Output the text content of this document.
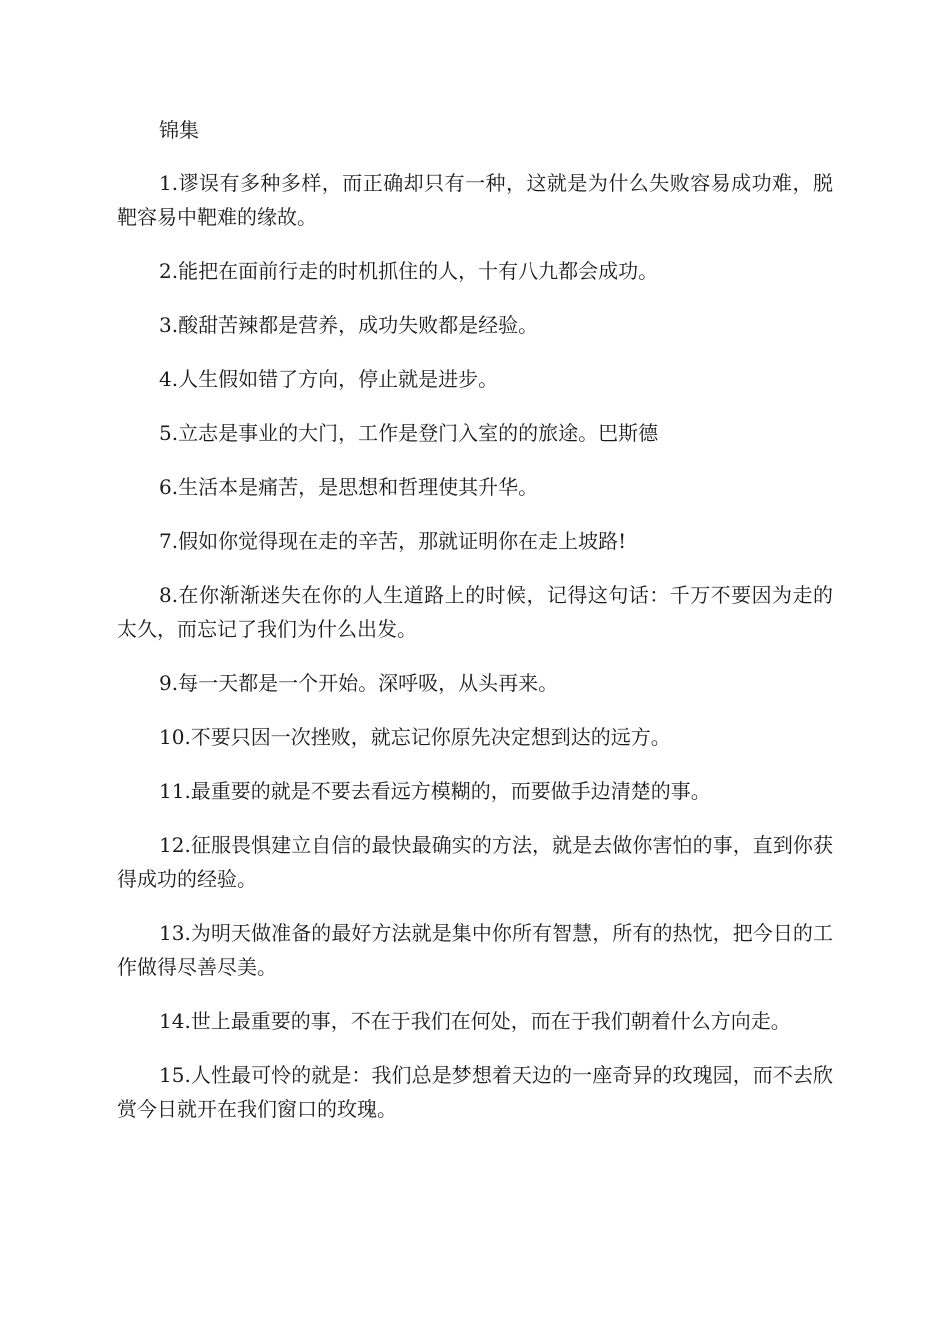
锦集

1.谬误有多种多样，而正确却只有一种，这就是为什么失败容易成功难，脱靶容易中靶难的缘故。

2.能把在面前行走的时机抓住的人，十有八九都会成功。

3.酸甜苦辣都是营养，成功失败都是经验。

4.人生假如错了方向，停止就是进步。

5.立志是事业的大门，工作是登门入室的的旅途。巴斯德

6.生活本是痛苦，是思想和哲理使其升华。

7.假如你觉得现在走的辛苦，那就证明你在走上坡路!

8.在你渐渐迷失在你的人生道路上的时候，记得这句话：千万不要因为走的太久，而忘记了我们为什么出发。

9.每一天都是一个开始。深呼吸，从头再来。

10.不要只因一次挫败，就忘记你原先决定想到达的远方。

11.最重要的就是不要去看远方模糊的，而要做手边清楚的事。

12.征服畏惧建立自信的最快最确实的方法，就是去做你害怕的事，直到你获得成功的经验。

13.为明天做准备的最好方法就是集中你所有智慧，所有的热忱，把今日的工作做得尽善尽美。

14.世上最重要的事，不在于我们在何处，而在于我们朝着什么方向走。

15.人性最可怜的就是：我们总是梦想着天边的一座奇异的玫瑰园，而不去欣赏今日就开在我们窗口的玫瑰。
